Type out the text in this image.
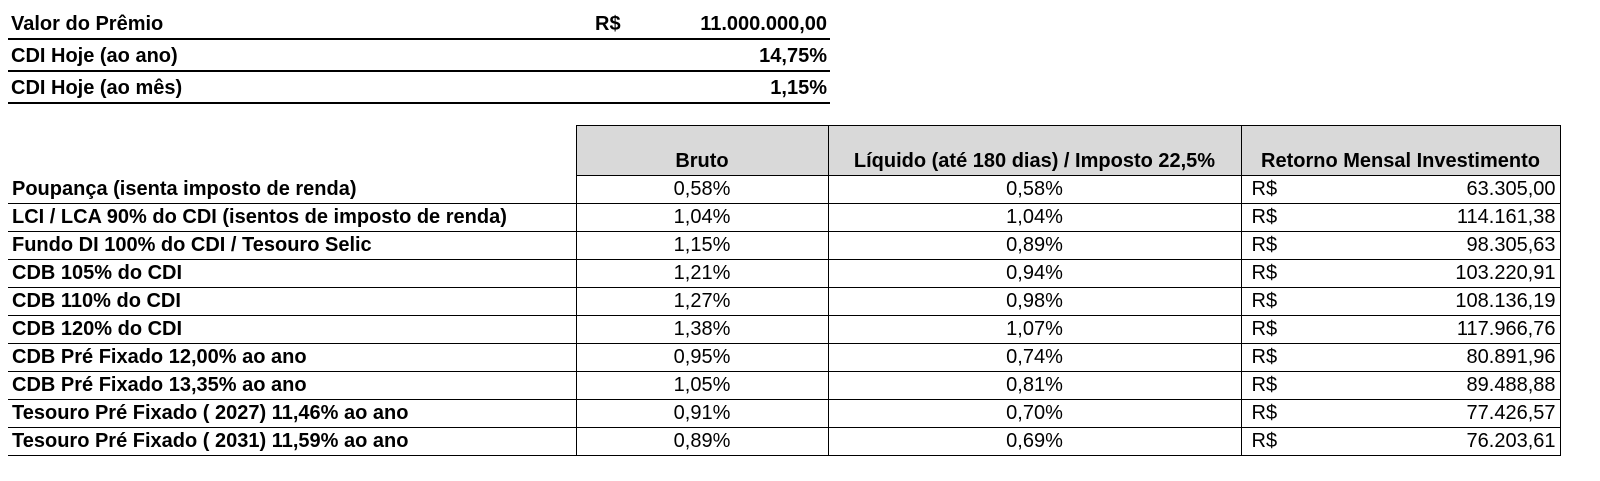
Valor do Prêmio	R$	11.000.000,00
CDI Hoje (ao ano)		14,75%
CDI Hoje (ao mês)		1,15%
	Bruto	Líquido (até 180 dias) / Imposto 22,5%	Retorno Mensal Investimento
Poupança (isenta imposto de renda)	0,58%	0,58%	R$ 63.305,00

LCI / LCA 90% do CDI (isentos de imposto de renda)	1,04%	1,04%	R$ 114.161,38

Fundo DI 100% do CDI / Tesouro Selic	1,15%	0,89%	R$ 98.305,63

CDB 105% do CDI	1,21%	0,94%	R$ 103.220,91

CDB 110% do CDI	1,27%	0,98%	R$ 108.136,19

CDB 120% do CDI	1,38%	1,07%	R$ 117.966,76

CDB Pré Fixado 12,00% ao ano	0,95%	0,74%	R$ 80.891,96

CDB Pré Fixado 13,35% ao ano	1,05%	0,81%	R$ 89.488,88

Tesouro Pré Fixado ( 2027) 11,46% ao ano	0,91%	0,70%	R$ 77.426,57

Tesouro Pré Fixado ( 2031) 11,59% ao ano	0,89%	0,69%	R$ 76.203,61
